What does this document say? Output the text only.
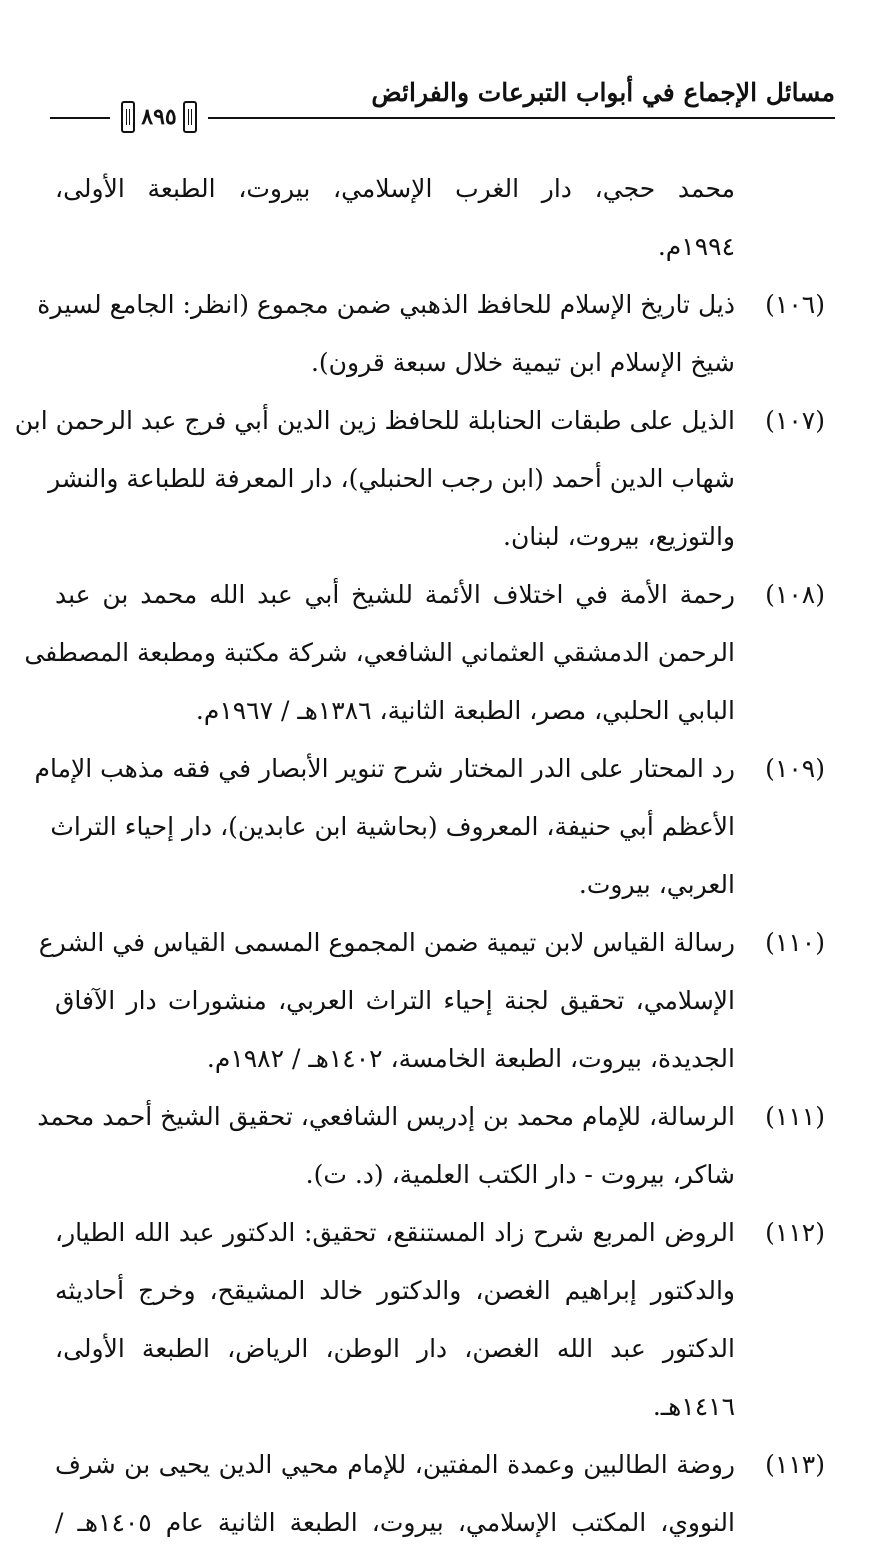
مسائل الإجماع في أبواب التبرعات والفرائض
٨٩٥
محمد حجي، دار الغرب الإسلامي، بيروت، الطبعة الأولى،
١٩٩٤م.
(١٠٦)
ذيل تاريخ الإسلام للحافظ الذهبي ضمن مجموع (انظر: الجامع لسيرة
شيخ الإسلام ابن تيمية خلال سبعة قرون).
(١٠٧)
الذيل على طبقات الحنابلة للحافظ زين الدين أبي فرج عبد الرحمن ابن
شهاب الدين أحمد (ابن رجب الحنبلي)، دار المعرفة للطباعة والنشر
والتوزيع، بيروت، لبنان.
(١٠٨)
رحمة الأمة في اختلاف الأئمة للشيخ أبي عبد الله محمد بن عبد
الرحمن الدمشقي العثماني الشافعي، شركة مكتبة ومطبعة المصطفى
البابي الحلبي، مصر، الطبعة الثانية، ١٣٨٦هـ / ١٩٦٧م.
(١٠٩)
رد المحتار على الدر المختار شرح تنوير الأبصار في فقه مذهب الإمام
الأعظم أبي حنيفة، المعروف (بحاشية ابن عابدين)، دار إحياء التراث
العربي، بيروت.
(١١٠)
رسالة القياس لابن تيمية ضمن المجموع المسمى القياس في الشرع
الإسلامي، تحقيق لجنة إحياء التراث العربي، منشورات دار الآفاق
الجديدة، بيروت، الطبعة الخامسة، ١٤٠٢هـ / ١٩٨٢م.
(١١١)
الرسالة، للإمام محمد بن إدريس الشافعي، تحقيق الشيخ أحمد محمد
شاكر، بيروت - دار الكتب العلمية، (د. ت).
(١١٢)
الروض المربع شرح زاد المستنقع، تحقيق: الدكتور عبد الله الطيار،
والدكتور إبراهيم الغصن، والدكتور خالد المشيقح، وخرج أحاديثه
الدكتور عبد الله الغصن، دار الوطن، الرياض، الطبعة الأولى،
١٤١٦هـ.
(١١٣)
روضة الطالبين وعمدة المفتين، للإمام محيي الدين يحيى بن شرف
النووي، المكتب الإسلامي، بيروت، الطبعة الثانية عام ١٤٠٥هـ /
